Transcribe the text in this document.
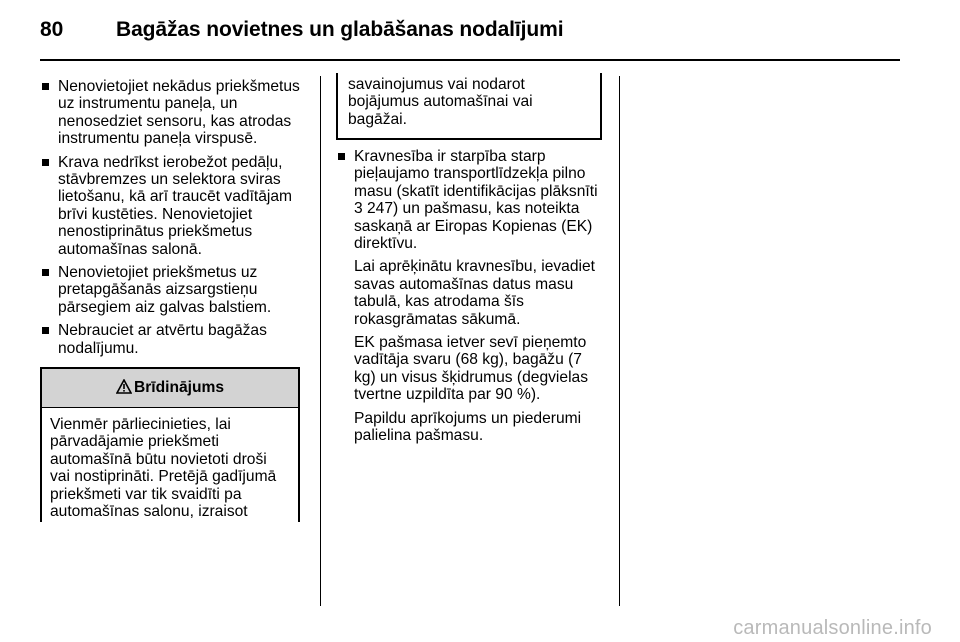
80	Bagāžas novietnes un glabāšanas nodalījumi
Nenovietojiet nekādus priekšmetus uz instrumentu paneļa, un nenosedziet sensoru, kas atrodas instrumentu paneļa virspusē.
Krava nedrīkst ierobežot pedāļu, stāvbremzes un selektora sviras lietošanu, kā arī traucēt vadītājam brīvi kustēties. Nenovietojiet nenostiprinātus priekšmetus automašīnas salonā.
Nenovietojiet priekšmetus uz pretapgāšanās aizsargstieņu pārsegiem aiz galvas balstiem.
Nebrauciet ar atvērtu bagāžas nodalījumu.
Brīdinājums
Vienmēr pārliecinieties, lai pārvadājamie priekšmeti automašīnā būtu novietoti droši vai nostiprināti. Pretējā gadījumā priekšmeti var tik svaidīti pa automašīnas salonu, izraisot
savainojumus vai nodarot bojājumus automašīnai vai bagāžai.
Kravnesība ir starpība starp pieļaujamo transportlīdzekļa pilno masu (skatīt identifikācijas plāksnīti
3 247) un pašmasu, kas noteikta saskaņā ar Eiropas Kopienas (EK) direktīvu.

Lai aprēķinātu kravnesību, ievadiet savas automašīnas datus masu tabulā, kas atrodama šīs rokasgrāmatas sākumā.

EK pašmasa ietver sevī pieņemto vadītāja svaru (68 kg), bagāžu (7 kg) un visus šķidrumus (degvielas tvertne uzpildīta par 90 %).

Papildu aprīkojums un piederumi palielina pašmasu.

carmanualsonline.info
